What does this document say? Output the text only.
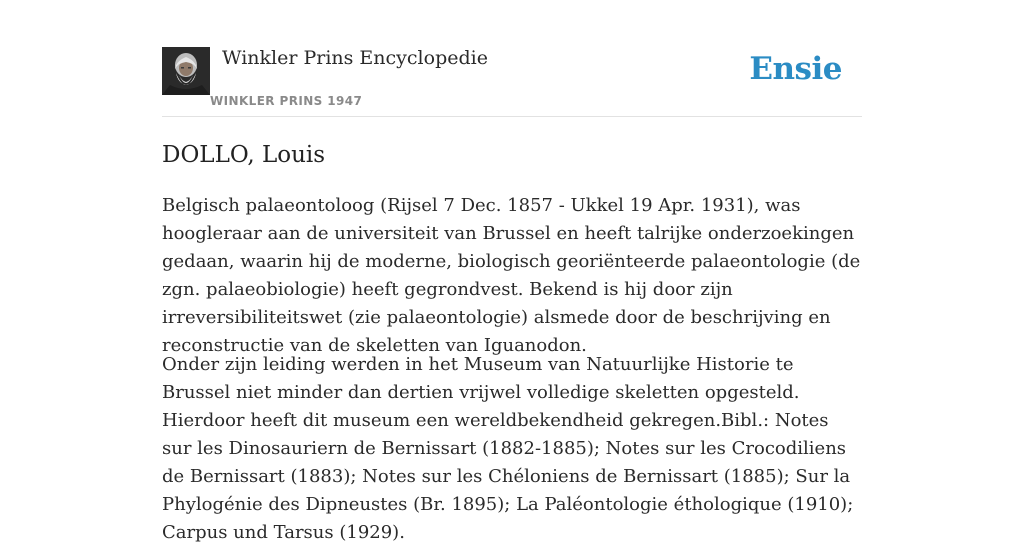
Winkler Prins Encyclopedie
WINKLER PRINS 1947
Ensie
DOLLO, Louis

Belgisch palaeontoloog (Rijsel 7 Dec. 1857 - Ukkel 19 Apr. 1931), was hoogleraar aan de universiteit van Brussel en heeft talrijke onderzoekingen gedaan, waarin hij de moderne, biologisch georiënteerde palaeontologie (de zgn. palaeobiologie) heeft gegrondvest. Bekend is hij door zijn irreversibiliteitswet (zie palaeontologie) alsmede door de beschrijving en reconstructie van de skeletten van Iguanodon.

Onder zijn leiding werden in het Museum van Natuurlijke Historie te Brussel niet minder dan dertien vrijwel volledige skeletten opgesteld. Hierdoor heeft dit museum een wereldbekendheid gekregen.Bibl.: Notes sur les Dinosauriern de Bernissart (1882-1885); Notes sur les Crocodiliens de Bernissart (1883); Notes sur les Chéloniens de Bernissart (1885); Sur la Phylogénie des Dipneustes (Br. 1895); La Paléontologie éthologique (1910); Carpus und Tarsus (1929).
